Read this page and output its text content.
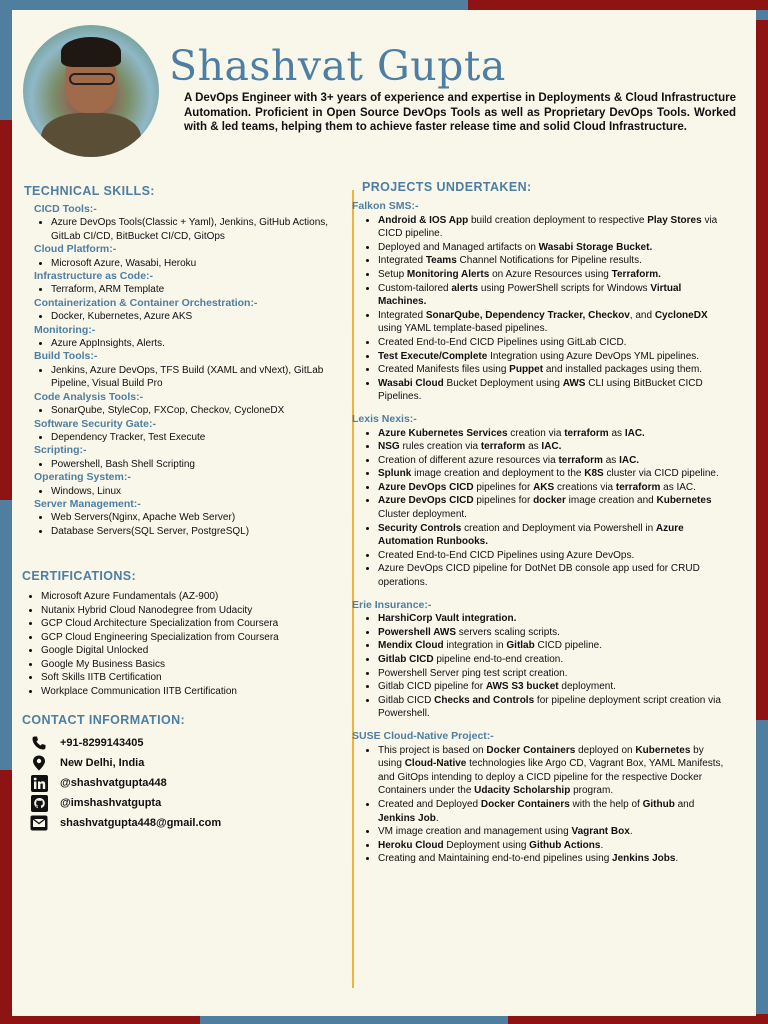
Shashvat Gupta

A DevOps Engineer with 3+ years of experience and expertise in Deployments & Cloud Infrastructure Automation. Proficient in Open Source DevOps Tools as well as Proprietary DevOps Tools. Worked with & led teams, helping them to achieve faster release time and solid Cloud Infrastructure.

TECHNICAL SKILLS:
CICD Tools:-
• Azure DevOps Tools(Classic + Yaml), Jenkins, GitHub Actions, GitLab CI/CD, BitBucket CI/CD, GitOps
Cloud Platform:-
• Microsoft Azure, Wasabi, Heroku
Infrastructure as Code:-
• Terraform, ARM Template
Containerization & Container Orchestration:-
• Docker, Kubernetes, Azure AKS
Monitoring:-
• Azure AppInsights, Alerts.
Build Tools:-
• Jenkins, Azure DevOps, TFS Build (XAML and vNext), GitLab Pipeline, Visual Build Pro
Code Analysis Tools:-
• SonarQube, StyleCop, FXCop, Checkov, CycloneDX
Software Security Gate:-
• Dependency Tracker, Test Execute
Scripting:-
• Powershell, Bash Shell Scripting
Operating System:-
• Windows, Linux
Server Management:-
• Web Servers(Nginx, Apache Web Server)
• Database Servers(SQL Server, PostgreSQL)
CERTIFICATIONS:
• Microsoft Azure Fundamentals (AZ-900)
• Nutanix Hybrid Cloud Nanodegree from Udacity
• GCP Cloud Architecture Specialization from Coursera
• GCP Cloud Engineering Specialization from Coursera
• Google Digital Unlocked
• Google My Business Basics
• Soft Skills IITB Certification
• Workplace Communication IITB Certification
CONTACT INFORMATION:
+91-8299143405
New Delhi, India
@shashvatgupta448
@imshashvatgupta
shashvatgupta448@gmail.com
PROJECTS UNDERTAKEN:
Falkon SMS:-
• Android & IOS App build creation deployment to respective Play Stores via CICD pipeline.
• Deployed and Managed artifacts on Wasabi Storage Bucket.
• Integrated Teams Channel Notifications for Pipeline results.
• Setup Monitoring Alerts on Azure Resources using Terraform.
• Custom-tailored alerts using PowerShell scripts for Windows Virtual Machines.
• Integrated SonarQube, Dependency Tracker, Checkov, and CycloneDX using YAML template-based pipelines.
• Created End-to-End CICD Pipelines using GitLab CICD.
• Test Execute/Complete Integration using Azure DevOps YML pipelines.
• Created Manifests files using Puppet and installed packages using them.
• Wasabi Cloud Bucket Deployment using AWS CLI using BitBucket CICD Pipelines.
Lexis Nexis:-
• Azure Kubernetes Services creation via terraform as IAC.
• NSG rules creation via terraform as IAC.
• Creation of different azure resources via terraform as IAC.
• Splunk image creation and deployment to the K8S cluster via CICD pipeline.
• Azure DevOps CICD pipelines for AKS creations via terraform as IAC.
• Azure DevOps CICD pipelines for docker image creation and Kubernetes Cluster deployment.
• Security Controls creation and Deployment via Powershell in Azure Automation Runbooks.
• Created End-to-End CICD Pipelines using Azure DevOps.
• Azure DevOps CICD pipeline for DotNet DB console app used for CRUD operations.
Erie Insurance:-
• HarshiCorp Vault integration.
• Powershell AWS servers scaling scripts.
• Mendix Cloud integration in Gitlab CICD pipeline.
• Gitlab CICD pipeline end-to-end creation.
• Powershell Server ping test script creation.
• Gitlab CICD pipeline for AWS S3 bucket deployment.
• Gitlab CICD Checks and Controls for pipeline deployment script creation via Powershell.
SUSE Cloud-Native Project:-
• This project is based on Docker Containers deployed on Kubernetes by using Cloud-Native technologies like Argo CD, Vagrant Box, YAML Manifests, and GitOps intending to deploy a CICD pipeline for the respective Docker Containers under the Udacity Scholarship program.
• Created and Deployed Docker Containers with the help of Github and Jenkins Job.
• VM image creation and management using Vagrant Box.
• Heroku Cloud Deployment using Github Actions.
• Creating and Maintaining end-to-end pipelines using Jenkins Jobs.
